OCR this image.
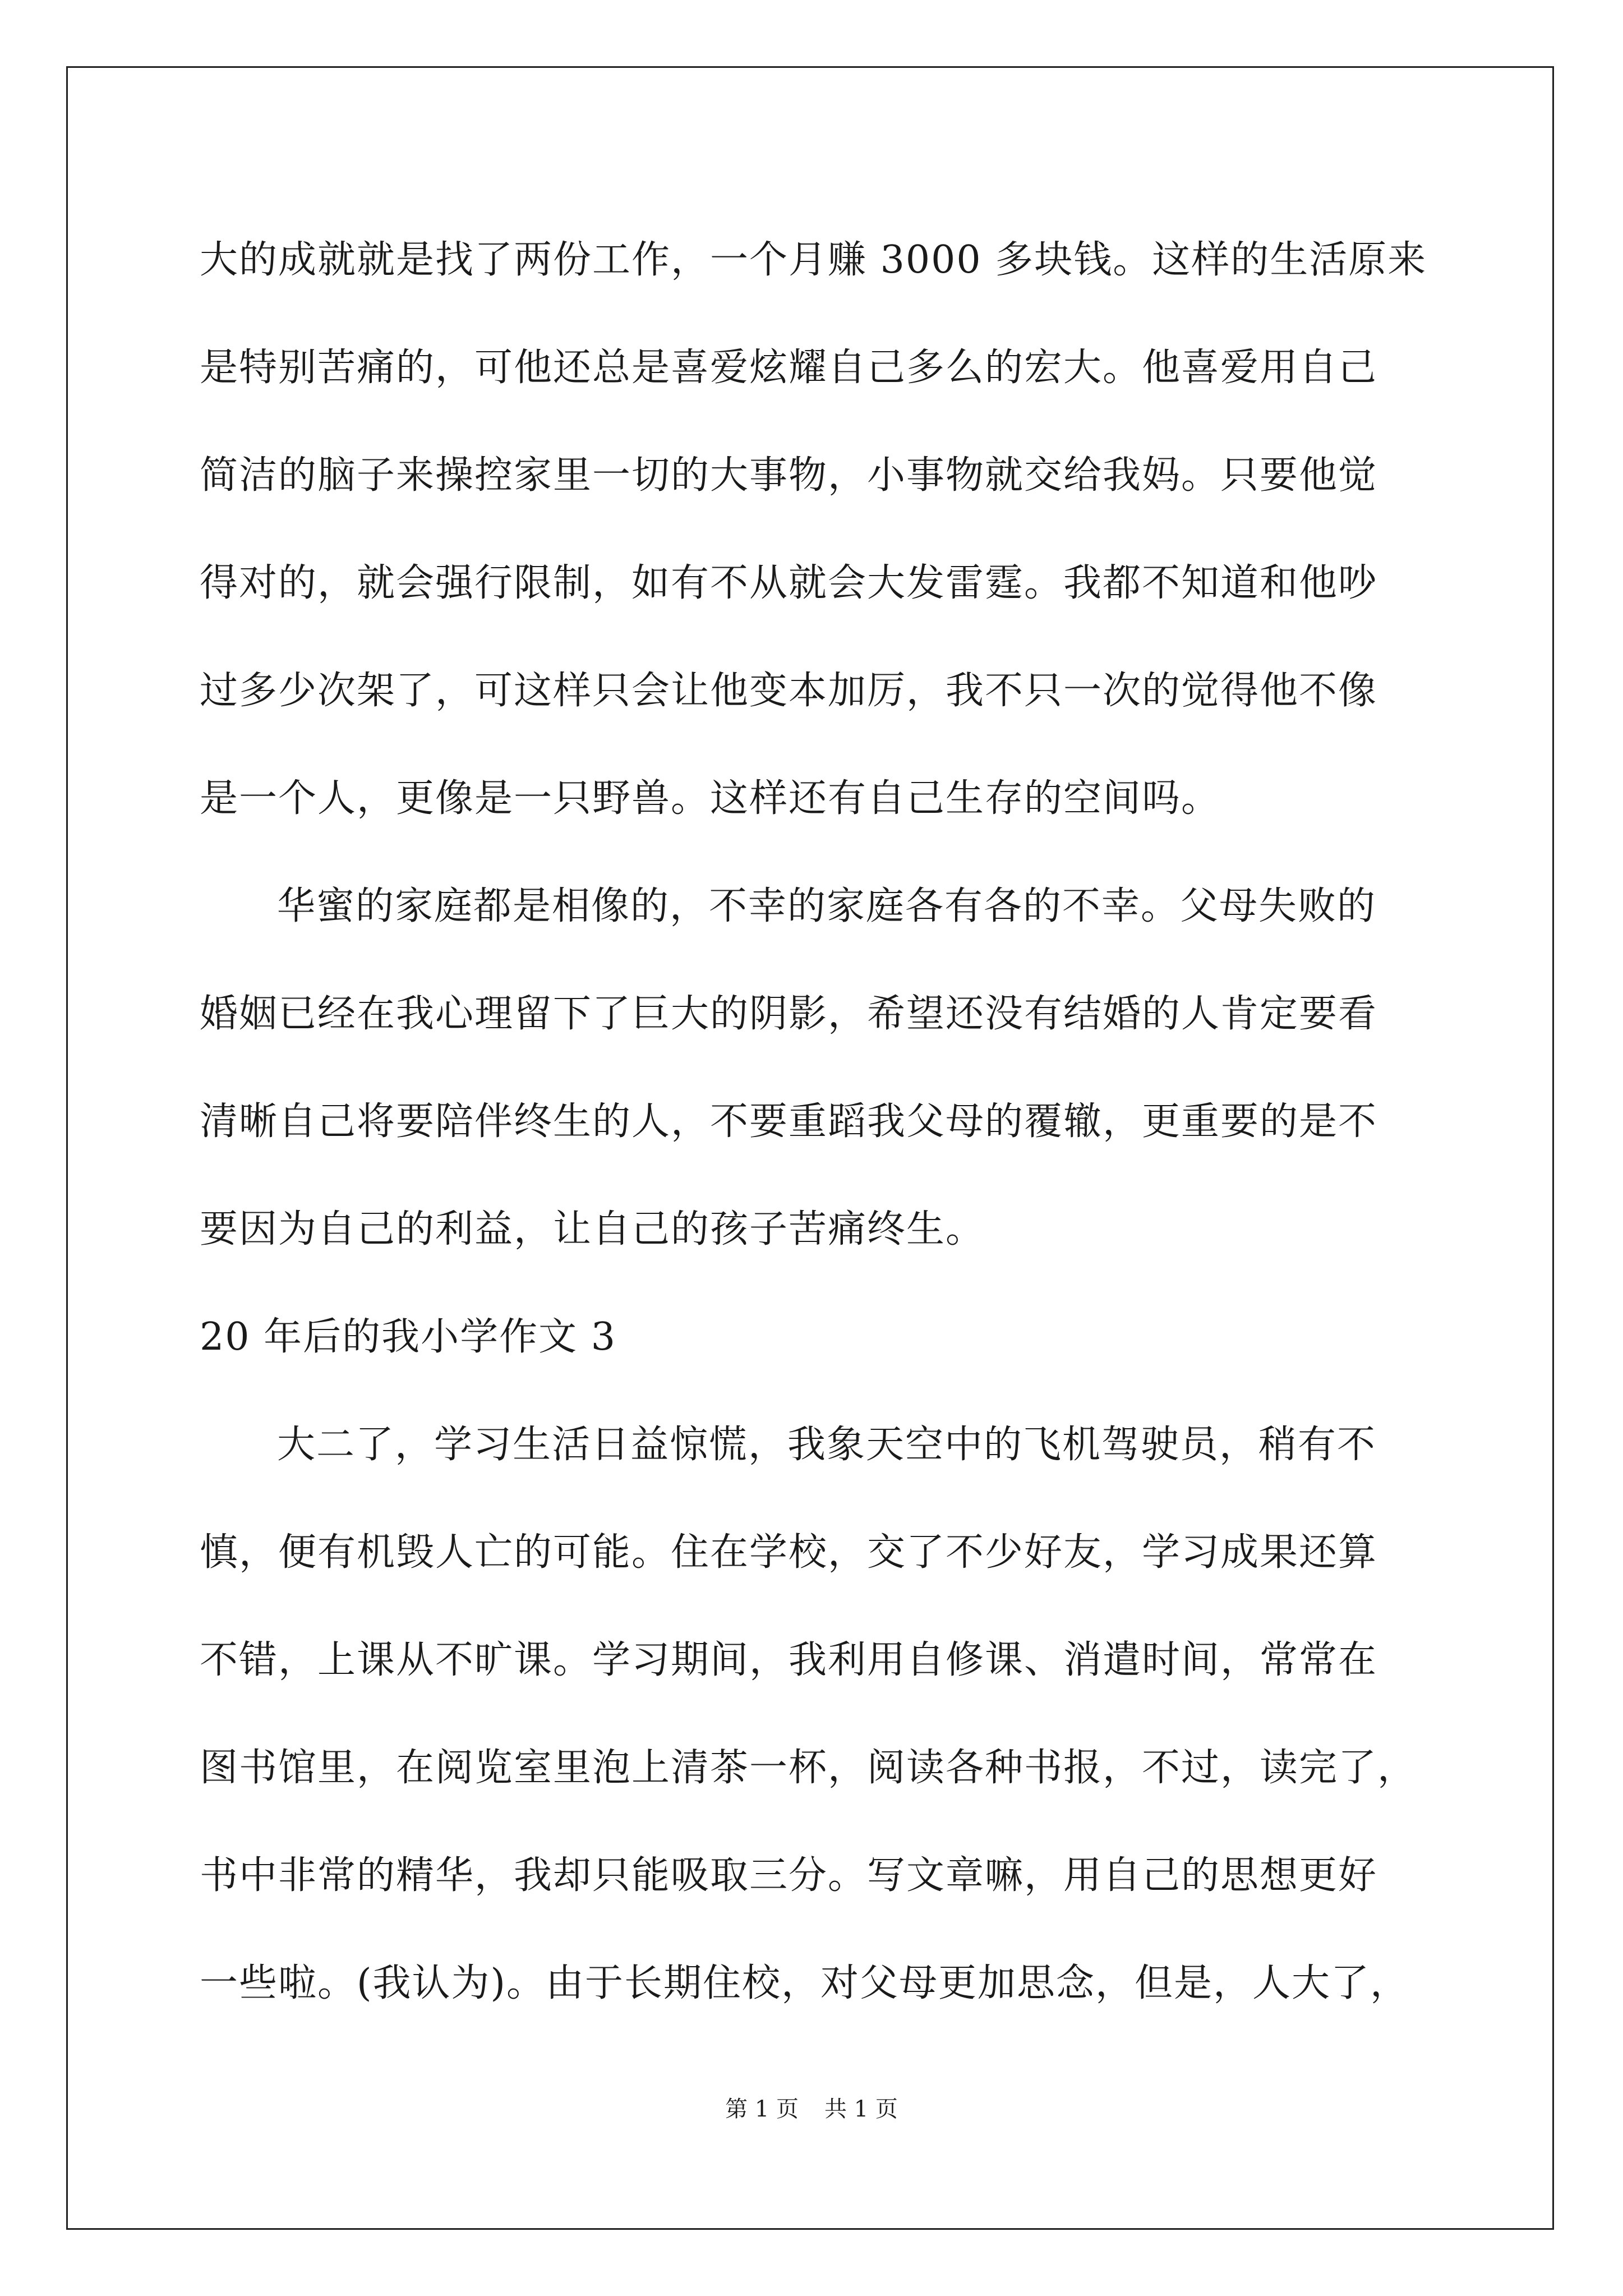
大的成就就是找了两份工作，一个月赚 3000 多块钱。这样的生活原来
是特别苦痛的，可他还总是喜爱炫耀自己多么的宏大。他喜爱用自己
简洁的脑子来操控家里一切的大事物，小事物就交给我妈。只要他觉
得对的，就会强行限制，如有不从就会大发雷霆。我都不知道和他吵
过多少次架了，可这样只会让他变本加厉，我不只一次的觉得他不像
是一个人，更像是一只野兽。这样还有自己生存的空间吗。
华蜜的家庭都是相像的，不幸的家庭各有各的不幸。父母失败的
婚姻已经在我心理留下了巨大的阴影，希望还没有结婚的人肯定要看
清晰自己将要陪伴终生的人，不要重蹈我父母的覆辙，更重要的是不
要因为自己的利益，让自己的孩子苦痛终生。
20 年后的我小学作文 3
大二了，学习生活日益惊慌，我象天空中的飞机驾驶员，稍有不
慎，便有机毁人亡的可能。住在学校，交了不少好友，学习成果还算
不错，上课从不旷课。学习期间，我利用自修课、消遣时间，常常在
图书馆里，在阅览室里泡上清茶一杯，阅读各种书报，不过，读完了，
书中非常的精华，我却只能吸取三分。写文章嘛，用自己的思想更好
一些啦。(我认为)。由于长期住校，对父母更加思念，但是，人大了，
第 1 页 共 1 页
